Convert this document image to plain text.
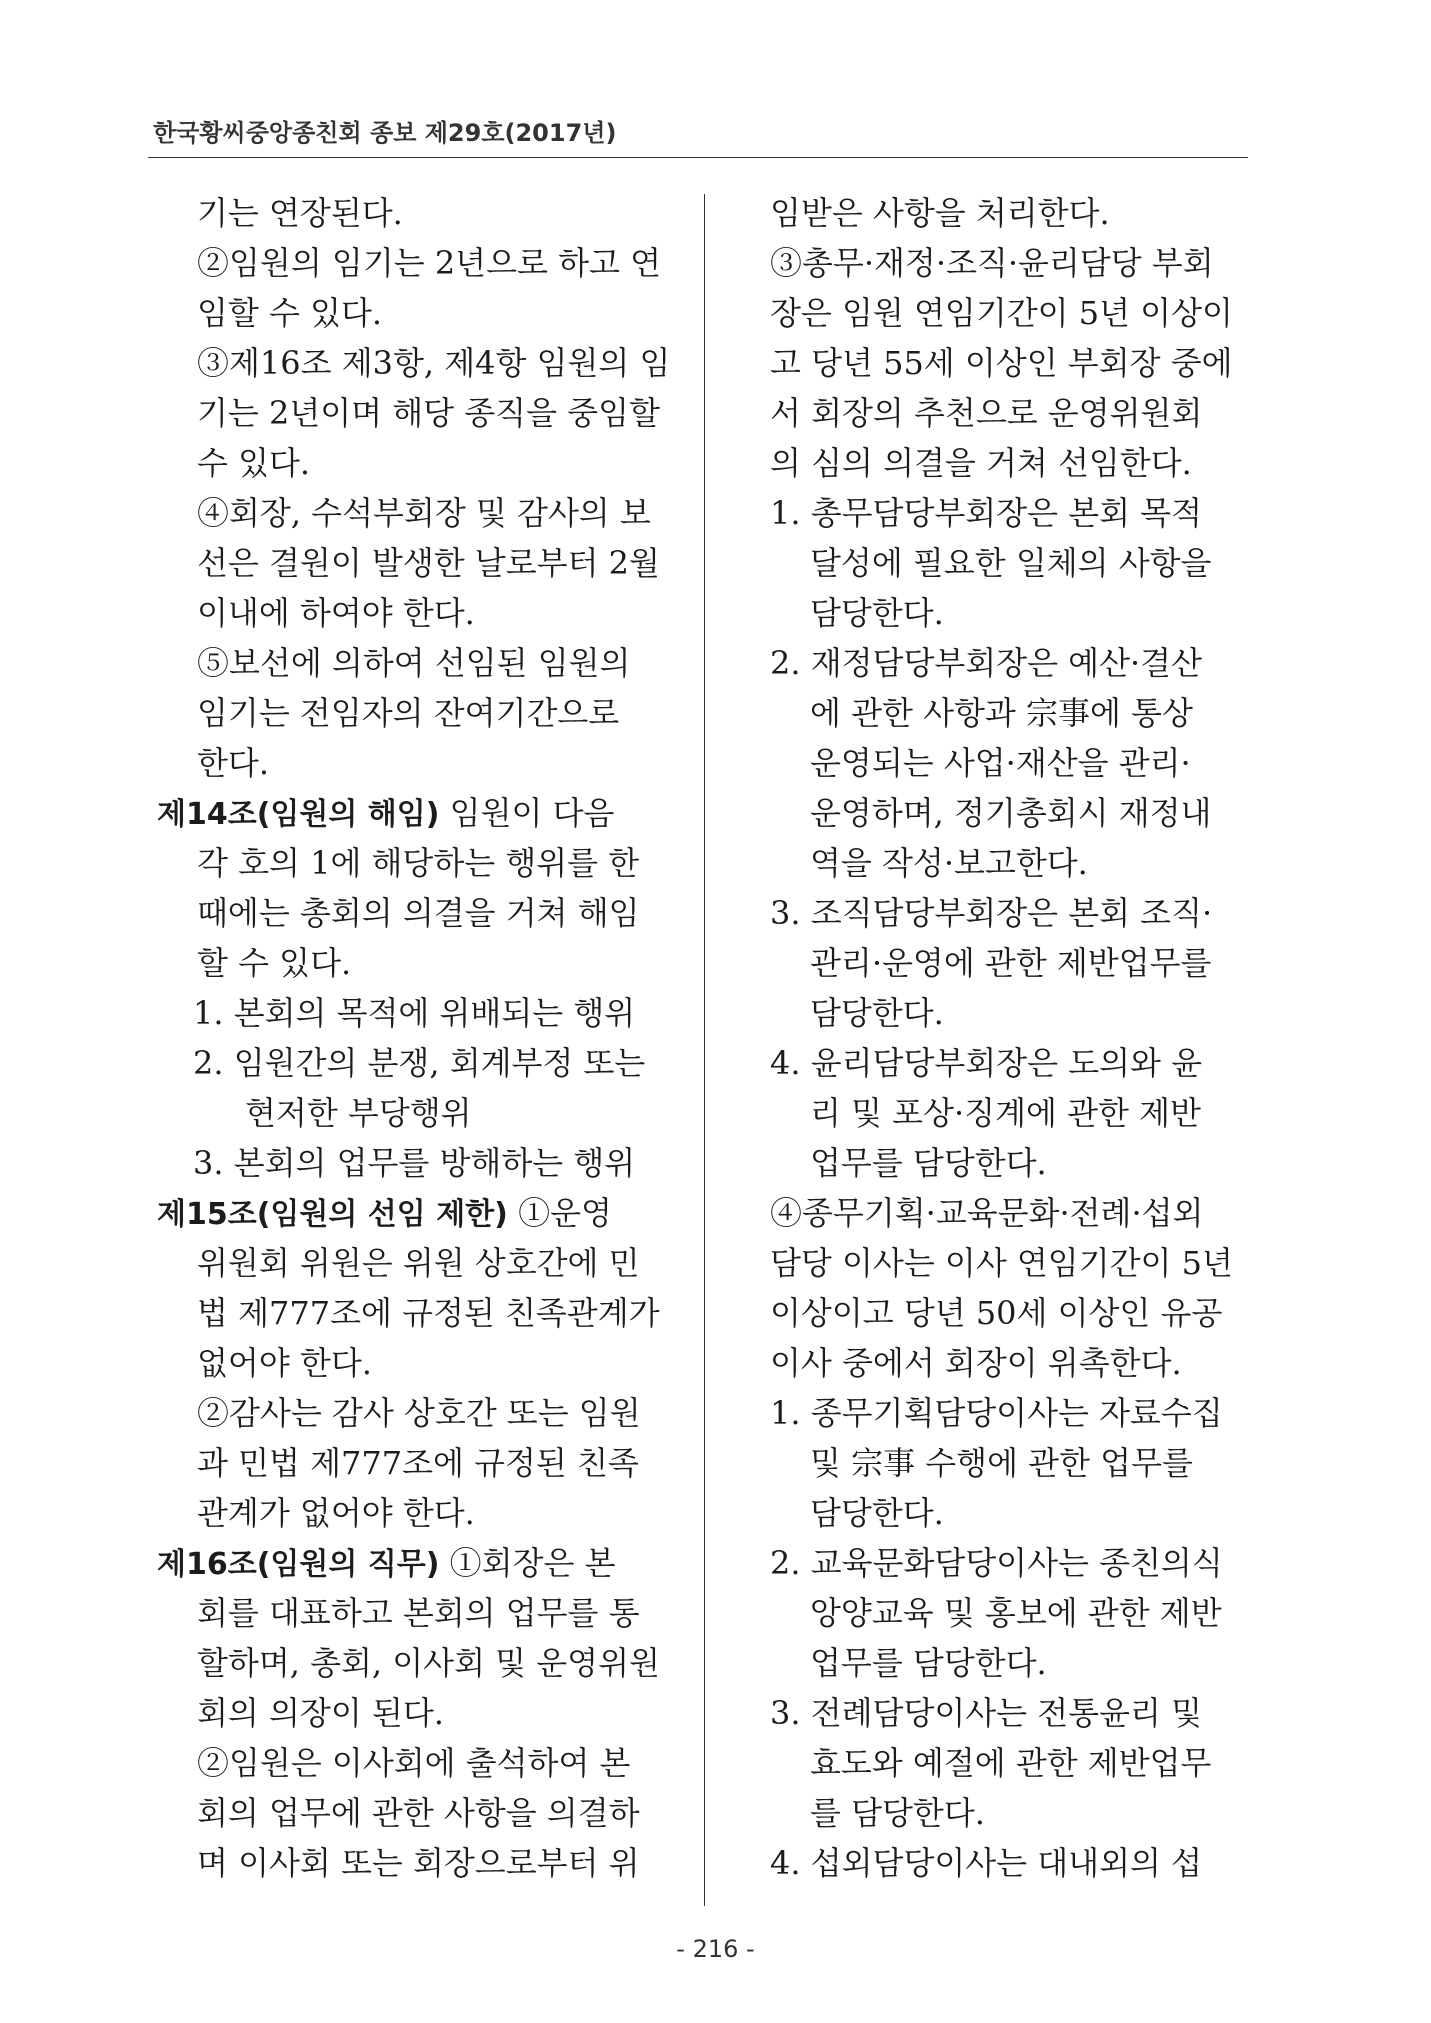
한국황씨중앙종친회 종보 제29호(2017년)
기는 연장된다.
②임원의 임기는 2년으로 하고 연
임할 수 있다.
③제16조 제3항, 제4항 임원의 임
기는 2년이며 해당 종직을 중임할
수 있다.
④회장, 수석부회장 및 감사의 보
선은 결원이 발생한 날로부터 2월
이내에 하여야 한다.
⑤보선에 의하여 선임된 임원의
임기는 전임자의 잔여기간으로
한다.
제14조(임원의 해임) 임원이 다음
각 호의 1에 해당하는 행위를 한
때에는 총회의 의결을 거쳐 해임
할 수 있다.
1. 본회의 목적에 위배되는 행위
2. 임원간의 분쟁, 회계부정 또는
현저한 부당행위
3. 본회의 업무를 방해하는 행위
제15조(임원의 선임 제한) ①운영
위원회 위원은 위원 상호간에 민
법 제777조에 규정된 친족관계가
없어야 한다.
②감사는 감사 상호간 또는 임원
과 민법 제777조에 규정된 친족
관계가 없어야 한다.
제16조(임원의 직무) ①회장은 본
회를 대표하고 본회의 업무를 통
할하며, 총회, 이사회 및 운영위원
회의 의장이 된다.
②임원은 이사회에 출석하여 본
회의 업무에 관한 사항을 의결하
며 이사회 또는 회장으로부터 위
임받은 사항을 처리한다.
③총무·재정·조직·윤리담당 부회
장은 임원 연임기간이 5년 이상이
고 당년 55세 이상인 부회장 중에
서 회장의 추천으로 운영위원회
의 심의 의결을 거쳐 선임한다.
1. 총무담당부회장은 본회 목적
달성에 필요한 일체의 사항을
담당한다.
2. 재정담당부회장은 예산·결산
에 관한 사항과 宗事에 통상
운영되는 사업·재산을 관리·
운영하며, 정기총회시 재정내
역을 작성·보고한다.
3. 조직담당부회장은 본회 조직·
관리·운영에 관한 제반업무를
담당한다.
4. 윤리담당부회장은 도의와 윤
리 및 포상·징계에 관한 제반
업무를 담당한다.
④종무기획·교육문화·전례·섭외
담당 이사는 이사 연임기간이 5년
이상이고 당년 50세 이상인 유공
이사 중에서 회장이 위촉한다.
1. 종무기획담당이사는 자료수집
및 宗事 수행에 관한 업무를
담당한다.
2. 교육문화담당이사는 종친의식
앙양교육 및 홍보에 관한 제반
업무를 담당한다.
3. 전례담당이사는 전통윤리 및
효도와 예절에 관한 제반업무
를 담당한다.
4. 섭외담당이사는 대내외의 섭
- 216 -
